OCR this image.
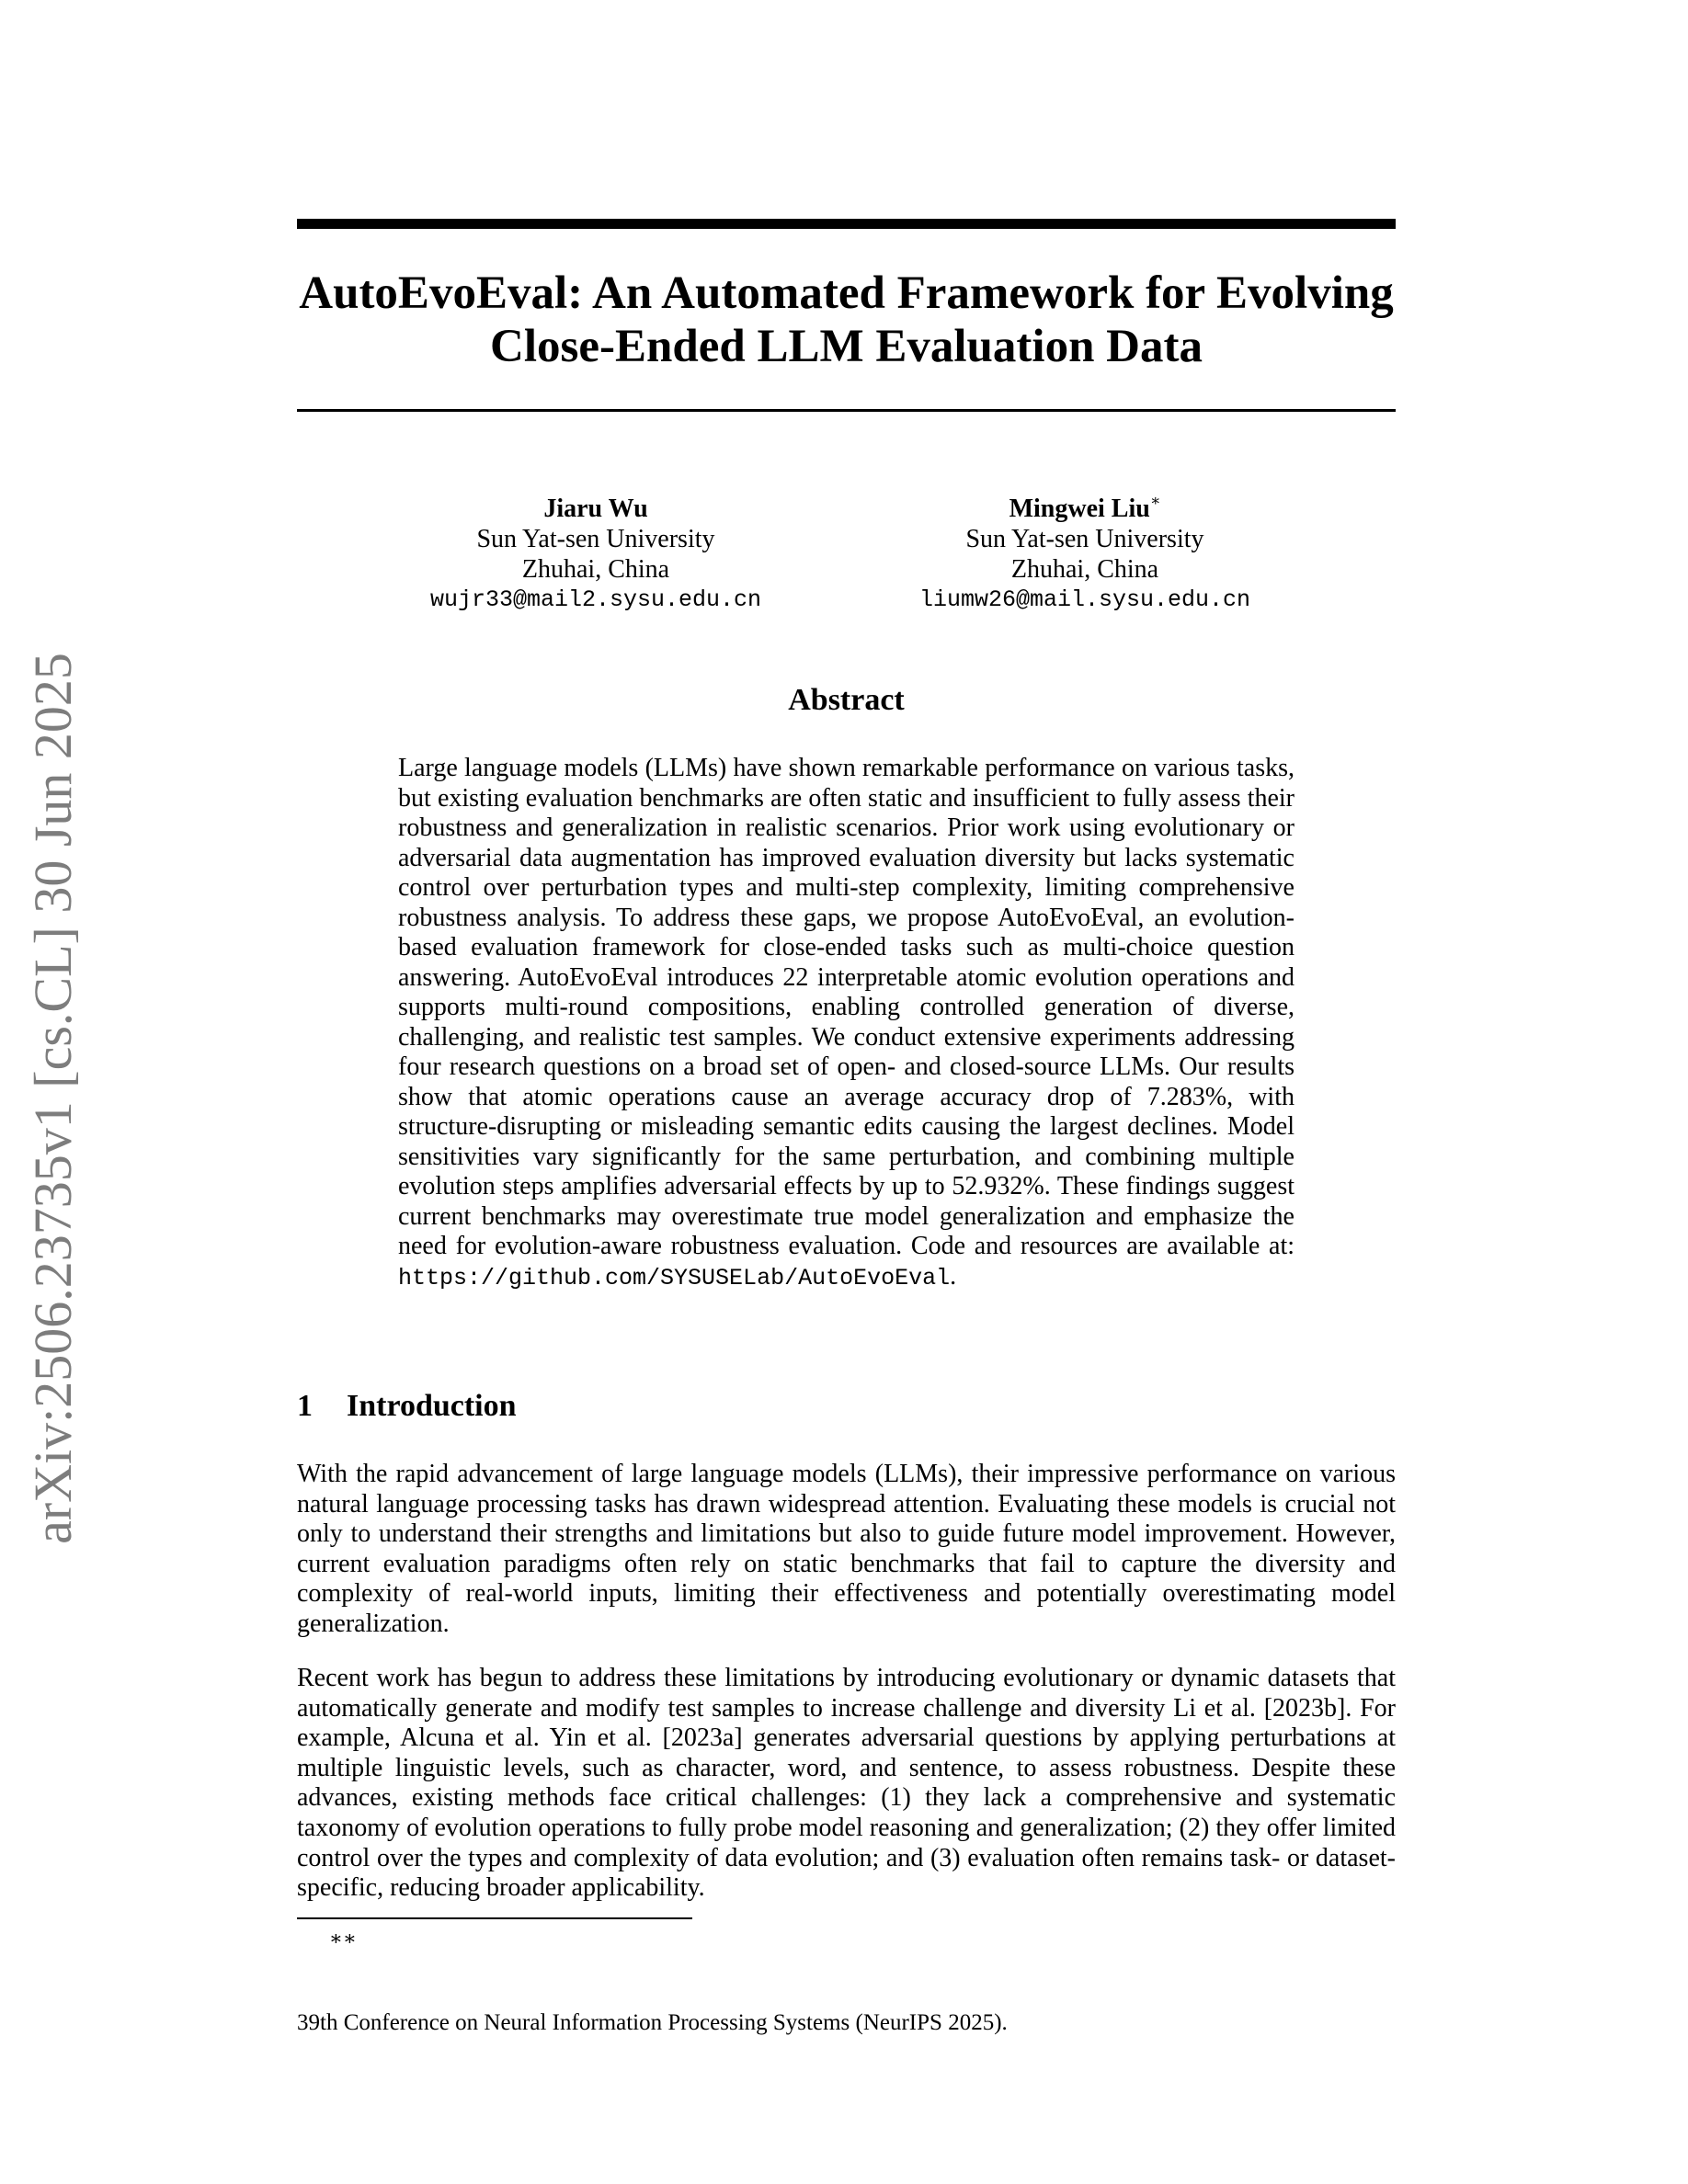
arXiv:2506.23735v1 [cs.CL] 30 Jun 2025
AutoEvoEval: An Automated Framework for Evolving
Close-Ended LLM Evaluation Data
Jiaru Wu
Sun Yat-sen University
Zhuhai, China
wujr33@mail2.sysu.edu.cn
Mingwei Liu∗
Sun Yat-sen University
Zhuhai, China
liumw26@mail.sysu.edu.cn
Abstract
Large language models (LLMs) have shown remarkable performance on various tasks, but existing evaluation benchmarks are often static and insufficient to fully assess their robustness and generalization in realistic scenarios. Prior work using evolutionary or adversarial data augmentation has improved evaluation diversity but lacks systematic control over perturbation types and multi-step complexity, limiting comprehensive robustness analysis. To address these gaps, we propose AutoEvoEval, an evolution-based evaluation framework for close-ended tasks such as multi-choice question answering. AutoEvoEval introduces 22 interpretable atomic evolution operations and supports multi-round compositions, enabling controlled generation of diverse, challenging, and realistic test samples. We conduct extensive experiments addressing four research questions on a broad set of open- and closed-source LLMs. Our results show that atomic operations cause an average accuracy drop of 7.283%, with structure-disrupting or misleading semantic edits causing the largest declines. Model sensitivities vary significantly for the same perturbation, and combining multiple evolution steps amplifies adversarial effects by up to 52.932%. These findings suggest current benchmarks may overestimate true model generalization and emphasize the need for evolution-aware robustness evaluation. Code and resources are available at: https://github.com/SYSUSELab/AutoEvoEval.
1 Introduction
With the rapid advancement of large language models (LLMs), their impressive performance on various natural language processing tasks has drawn widespread attention. Evaluating these models is crucial not only to understand their strengths and limitations but also to guide future model improvement. However, current evaluation paradigms often rely on static benchmarks that fail to capture the diversity and complexity of real-world inputs, limiting their effectiveness and potentially overestimating model generalization.
Recent work has begun to address these limitations by introducing evolutionary or dynamic datasets that automatically generate and modify test samples to increase challenge and diversity Li et al. [2023b]. For example, Alcuna et al. Yin et al. [2023a] generates adversarial questions by applying perturbations at multiple linguistic levels, such as character, word, and sentence, to assess robustness. Despite these advances, existing methods face critical challenges: (1) they lack a comprehensive and systematic taxonomy of evolution operations to fully probe model reasoning and generalization; (2) they offer limited control over the types and complexity of data evolution; and (3) evaluation often remains task- or dataset-specific, reducing broader applicability.
∗∗
39th Conference on Neural Information Processing Systems (NeurIPS 2025).
